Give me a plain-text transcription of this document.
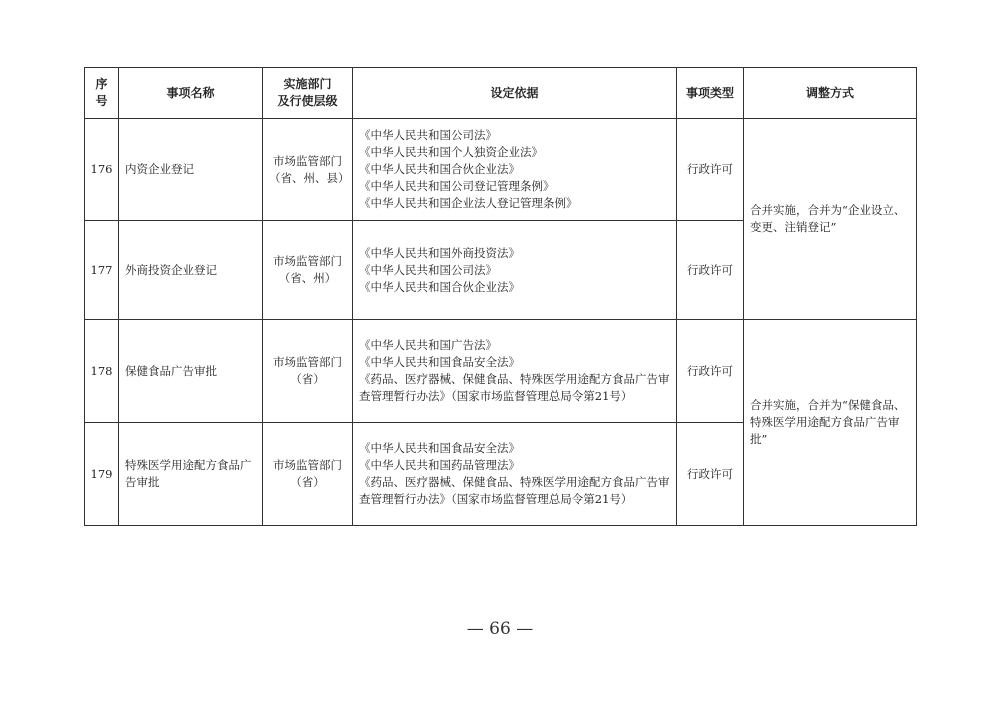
序
号	事项名称	实施部门
及行使层级	设定依据	事项类型	调整方式
176	内资企业登记	市场监管部门
（省、州、县）	《中华人民共和国公司法》
《中华人民共和国个人独资企业法》
《中华人民共和国合伙企业法》
《中华人民共和国公司登记管理条例》
《中华人民共和国企业法人登记管理条例》	行政许可	合并实施，合并为“企业设立、变更、注销登记”
177	外商投资企业登记	市场监管部门
（省、州）	《中华人民共和国外商投资法》
《中华人民共和国公司法》
《中华人民共和国合伙企业法》	行政许可	
178	保健食品广告审批	市场监管部门
（省）	《中华人民共和国广告法》
《中华人民共和国食品安全法》
《药品、医疗器械、保健食品、特殊医学用途配方食品广告审查管理暂行办法》（国家市场监督管理总局令第21号）	行政许可	合并实施，合并为“保健食品、特殊医学用途配方食品广告审批”
179	特殊医学用途配方食品广告审批	市场监管部门
（省）	《中华人民共和国食品安全法》
《中华人民共和国药品管理法》
《药品、医疗器械、保健食品、特殊医学用途配方食品广告审查管理暂行办法》（国家市场监督管理总局令第21号）	行政许可	
— 66 —
